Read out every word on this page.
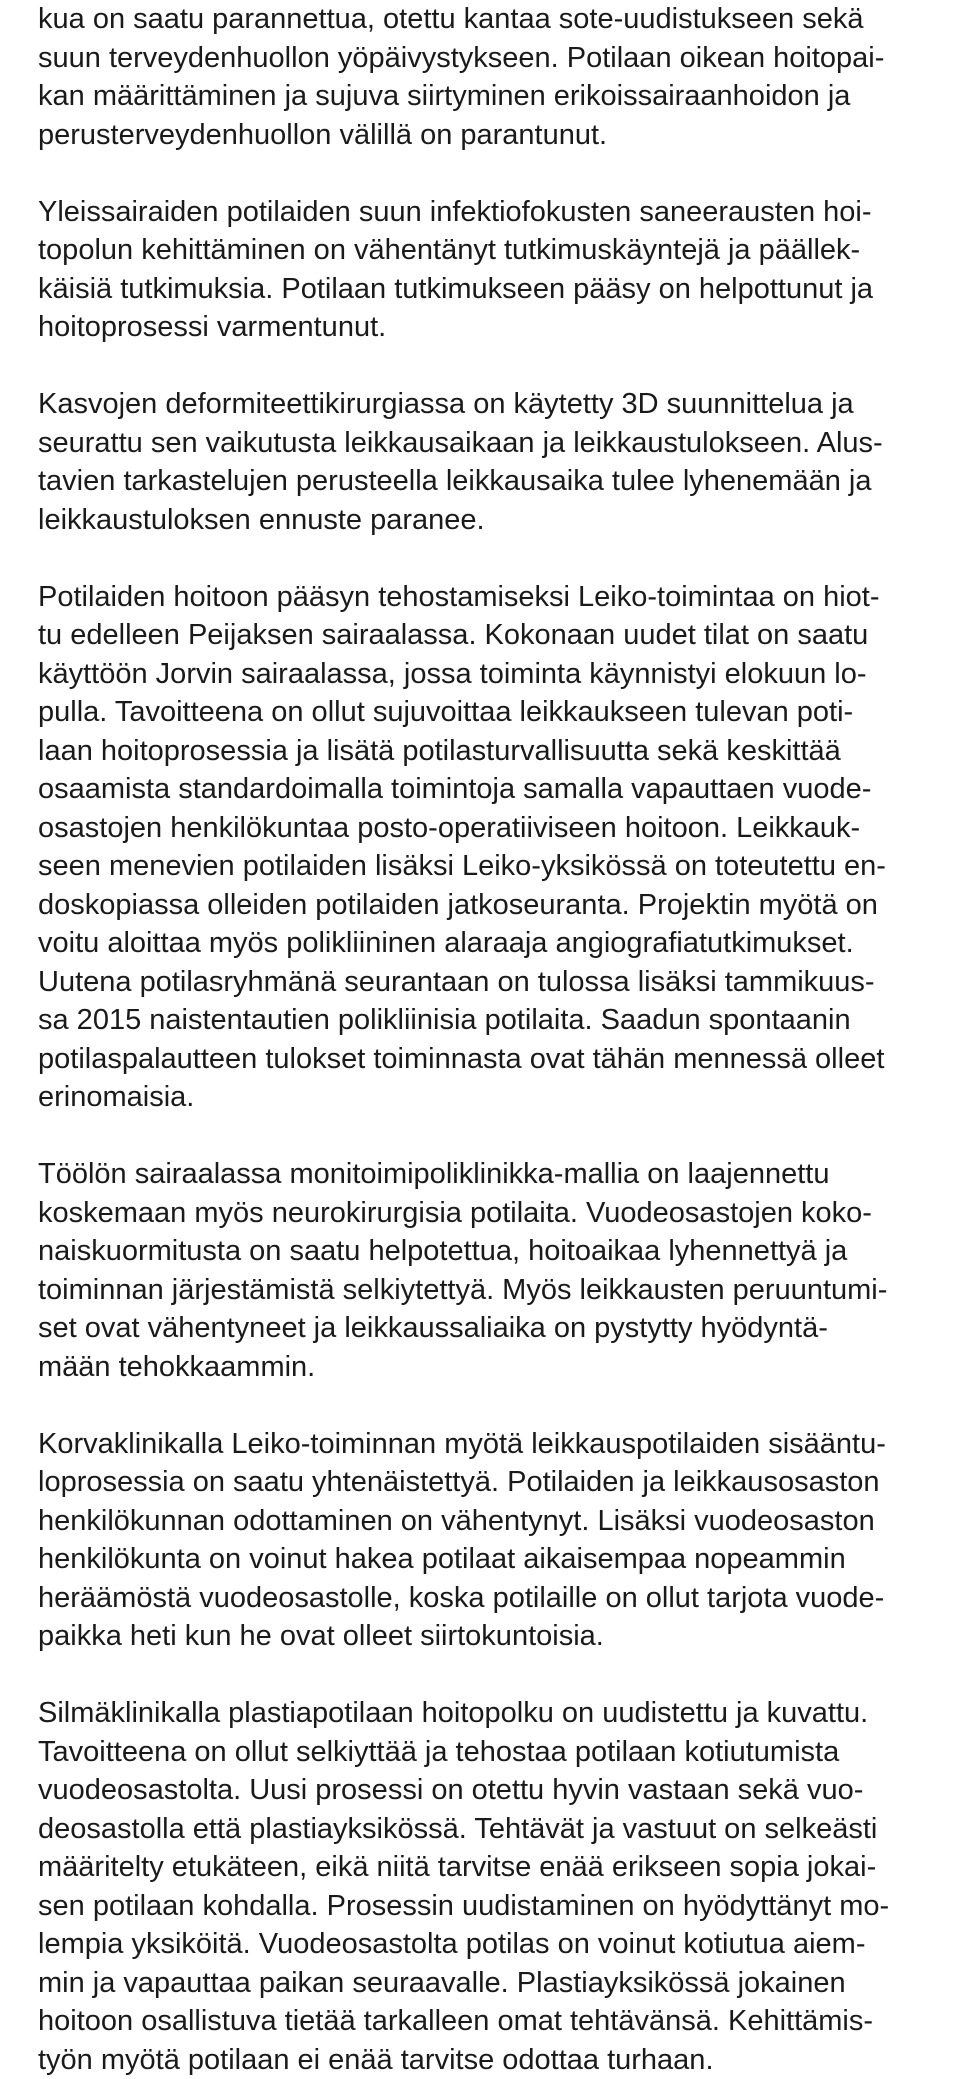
kua on saatu parannettua, otettu kantaa sote-uudistukseen sekä
suun terveydenhuollon yöpäivystykseen. Potilaan oikean hoitopai-
kan määrittäminen ja sujuva siirtyminen erikoissairaanhoidon ja
perusterveydenhuollon välillä on parantunut.
Yleissairaiden potilaiden suun infektiofokusten saneerausten hoi-
topolun kehittäminen on vähentänyt tutkimuskäyntejä ja päällek-
käisiä tutkimuksia. Potilaan tutkimukseen pääsy on helpottunut ja
hoitoprosessi varmentunut.
Kasvojen deformiteettikirurgiassa on käytetty 3D suunnittelua ja
seurattu sen vaikutusta leikkausaikaan ja leikkaustulokseen. Alus-
tavien tarkastelujen perusteella leikkausaika tulee lyhenemään ja
leikkaustuloksen ennuste paranee.
Potilaiden hoitoon pääsyn tehostamiseksi Leiko-toimintaa on hiot-
tu edelleen Peijaksen sairaalassa. Kokonaan uudet tilat on saatu
käyttöön Jorvin sairaalassa, jossa toiminta käynnistyi elokuun lo-
pulla. Tavoitteena on ollut sujuvoittaa leikkaukseen tulevan poti-
laan hoitoprosessia ja lisätä potilasturvallisuutta sekä keskittää
osaamista standardoimalla toimintoja samalla vapauttaen vuode-
osastojen henkilökuntaa posto-operatiiviseen hoitoon. Leikkauk-
seen menevien potilaiden lisäksi Leiko-yksikössä on toteutettu en-
doskopiassa olleiden potilaiden jatkoseuranta. Projektin myötä on
voitu aloittaa myös polikliininen alaraaja angiografiatutkimukset.
Uutena potilasryhmänä seurantaan on tulossa lisäksi tammikuus-
sa 2015 naistentautien polikliinisia potilaita. Saadun spontaanin
potilaspalautteen tulokset toiminnasta ovat tähän mennessä olleet
erinomaisia.
Töölön sairaalassa monitoimipoliklinikka-mallia on laajennettu
koskemaan myös neurokirurgisia potilaita. Vuodeosastojen koko-
naiskuormitusta on saatu helpotettua, hoitoaikaa lyhennettyä ja
toiminnan järjestämistä selkiytettyä. Myös leikkausten peruuntumi-
set ovat vähentyneet ja leikkaussaliaika on pystytty hyödyntä-
mään tehokkaammin.
Korvaklinikalla Leiko-toiminnan myötä leikkauspotilaiden sisääntu-
loprosessia on saatu yhtenäistettyä. Potilaiden ja leikkausosaston
henkilökunnan odottaminen on vähentynyt. Lisäksi vuodeosaston
henkilökunta on voinut hakea potilaat aikaisempaa nopeammin
heräämöstä vuodeosastolle, koska potilaille on ollut tarjota vuode-
paikka heti kun he ovat olleet siirtokuntoisia.
Silmäklinikalla plastiapotilaan hoitopolku on uudistettu ja kuvattu.
Tavoitteena on ollut selkiyttää ja tehostaa potilaan kotiutumista
vuodeosastolta. Uusi prosessi on otettu hyvin vastaan sekä vuo-
deosastolla että plastiayksikössä. Tehtävät ja vastuut on selkeästi
määritelty etukäteen, eikä niitä tarvitse enää erikseen sopia jokai-
sen potilaan kohdalla. Prosessin uudistaminen on hyödyttänyt mo-
lempia yksiköitä. Vuodeosastolta potilas on voinut kotiutua aiem-
min ja vapauttaa paikan seuraavalle. Plastiayksikössä jokainen
hoitoon osallistuva tietää tarkalleen omat tehtävänsä. Kehittämis-
työn myötä potilaan ei enää tarvitse odottaa turhaan.
